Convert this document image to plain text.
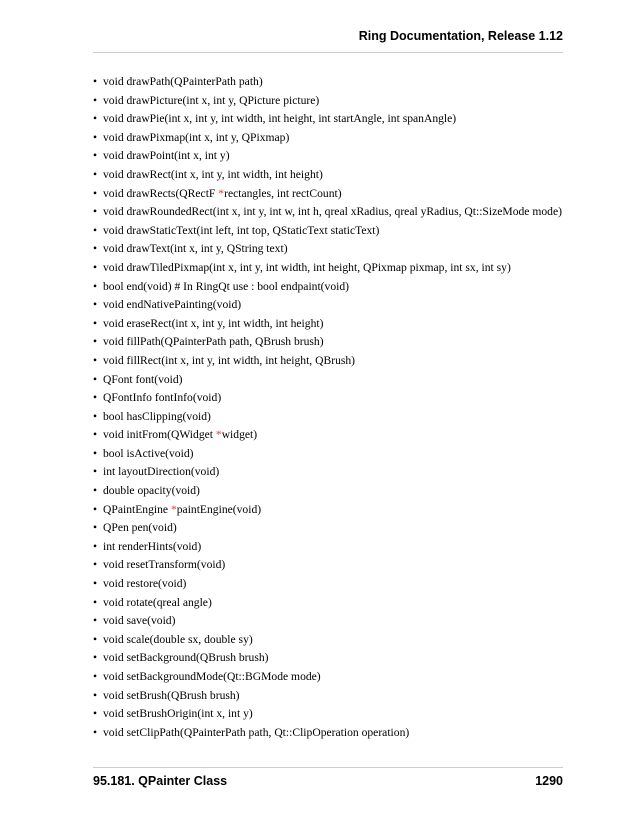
Ring Documentation, Release 1.12
• void drawPath(QPainterPath path)
• void drawPicture(int x, int y, QPicture picture)
• void drawPie(int x, int y, int width, int height, int startAngle, int spanAngle)
• void drawPixmap(int x, int y, QPixmap)
• void drawPoint(int x, int y)
• void drawRect(int x, int y, int width, int height)
• void drawRects(QRectF *rectangles, int rectCount)
• void drawRoundedRect(int x, int y, int w, int h, qreal xRadius, qreal yRadius, Qt::SizeMode mode)
• void drawStaticText(int left, int top, QStaticText staticText)
• void drawText(int x, int y, QString text)
• void drawTiledPixmap(int x, int y, int width, int height, QPixmap pixmap, int sx, int sy)
• bool end(void) # In RingQt use : bool endpaint(void)
• void endNativePainting(void)
• void eraseRect(int x, int y, int width, int height)
• void fillPath(QPainterPath path, QBrush brush)
• void fillRect(int x, int y, int width, int height, QBrush)
• QFont font(void)
• QFontInfo fontInfo(void)
• bool hasClipping(void)
• void initFrom(QWidget *widget)
• bool isActive(void)
• int layoutDirection(void)
• double opacity(void)
• QPaintEngine *paintEngine(void)
• QPen pen(void)
• int renderHints(void)
• void resetTransform(void)
• void restore(void)
• void rotate(qreal angle)
• void save(void)
• void scale(double sx, double sy)
• void setBackground(QBrush brush)
• void setBackgroundMode(Qt::BGMode mode)
• void setBrush(QBrush brush)
• void setBrushOrigin(int x, int y)
• void setClipPath(QPainterPath path, Qt::ClipOperation operation)
95.181. QPainter Class	1290
